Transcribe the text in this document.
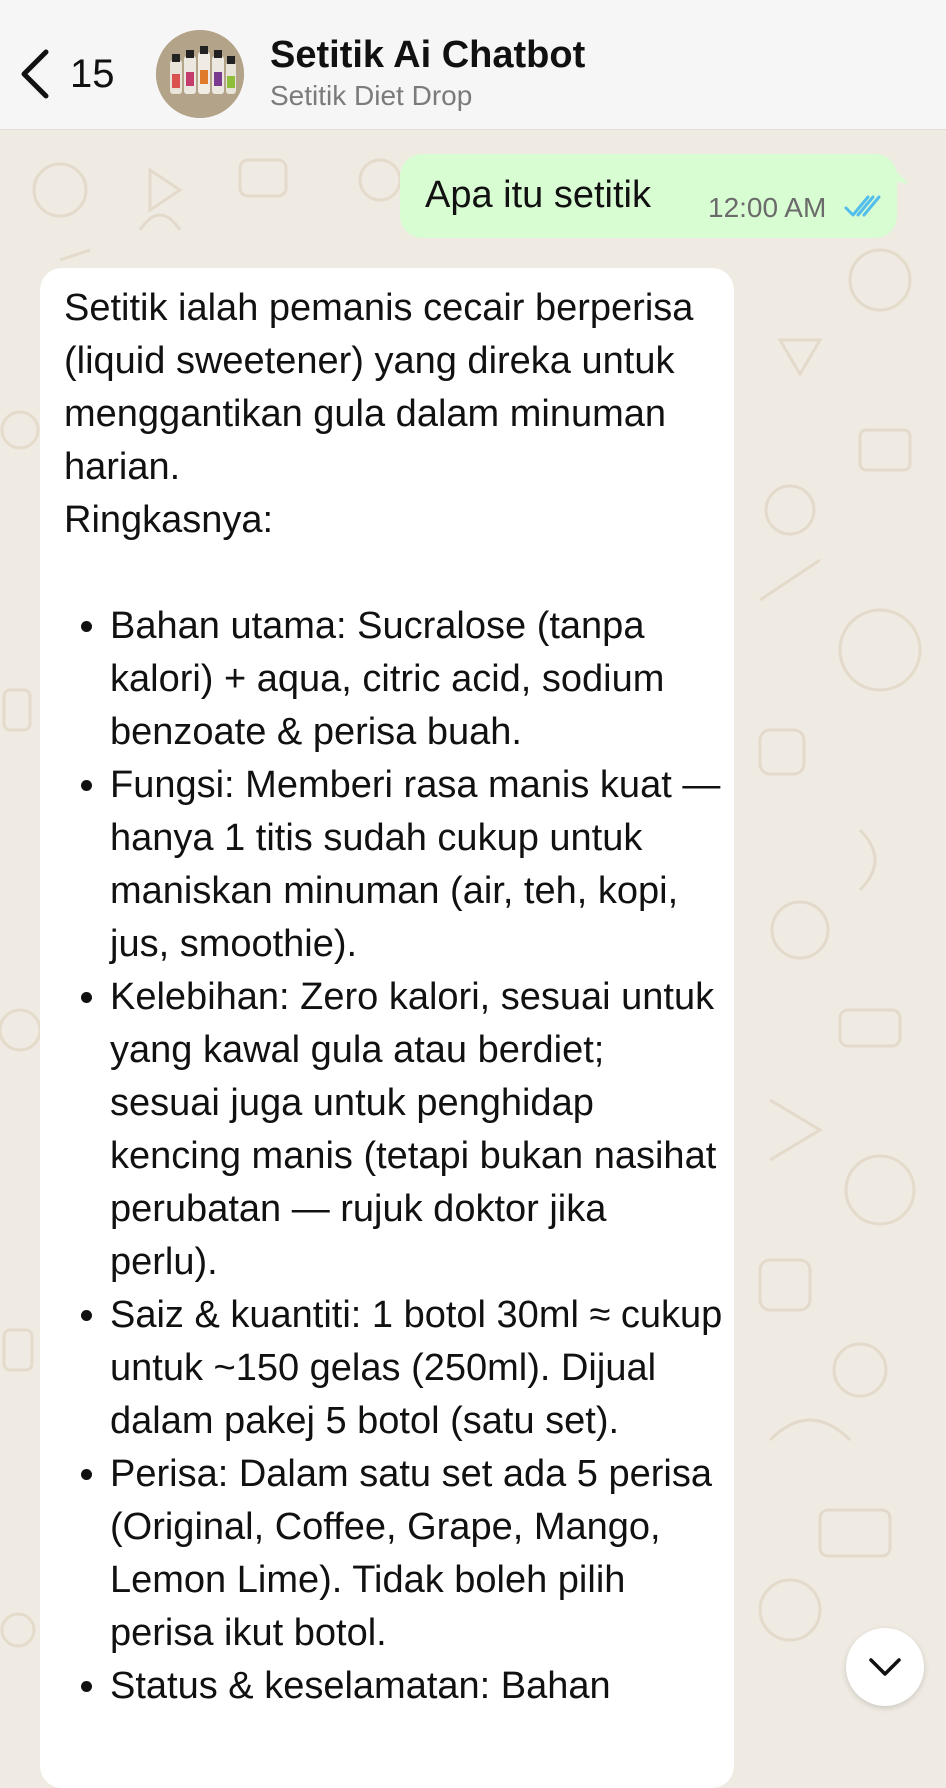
15	Setitik Ai Chatbot
Setitik Diet Drop
Apa itu setitik 12:00 AM

Setitik ialah pemanis cecair berperisa (liquid sweetener) yang direka untuk menggantikan gula dalam minuman harian.

Ringkasnya:

• Bahan utama: Sucralose (tanpa kalori) + aqua, citric acid, sodium benzoate & perisa buah.
• Fungsi: Memberi rasa manis kuat — hanya 1 titis sudah cukup untuk maniskan minuman (air, teh, kopi, jus, smoothie).
• Kelebihan: Zero kalori, sesuai untuk yang kawal gula atau berdiet; sesuai juga untuk penghidap kencing manis (tetapi bukan nasihat perubatan — rujuk doktor jika perlu).
• Saiz & kuantiti: 1 botol 30ml ≈ cukup untuk ~150 gelas (250ml). Dijual dalam pakej 5 botol (satu set).
• Perisa: Dalam satu set ada 5 perisa (Original, Coffee, Grape, Mango, Lemon Lime). Tidak boleh pilih perisa ikut botol.
• Status & keselamatan: Bahan
